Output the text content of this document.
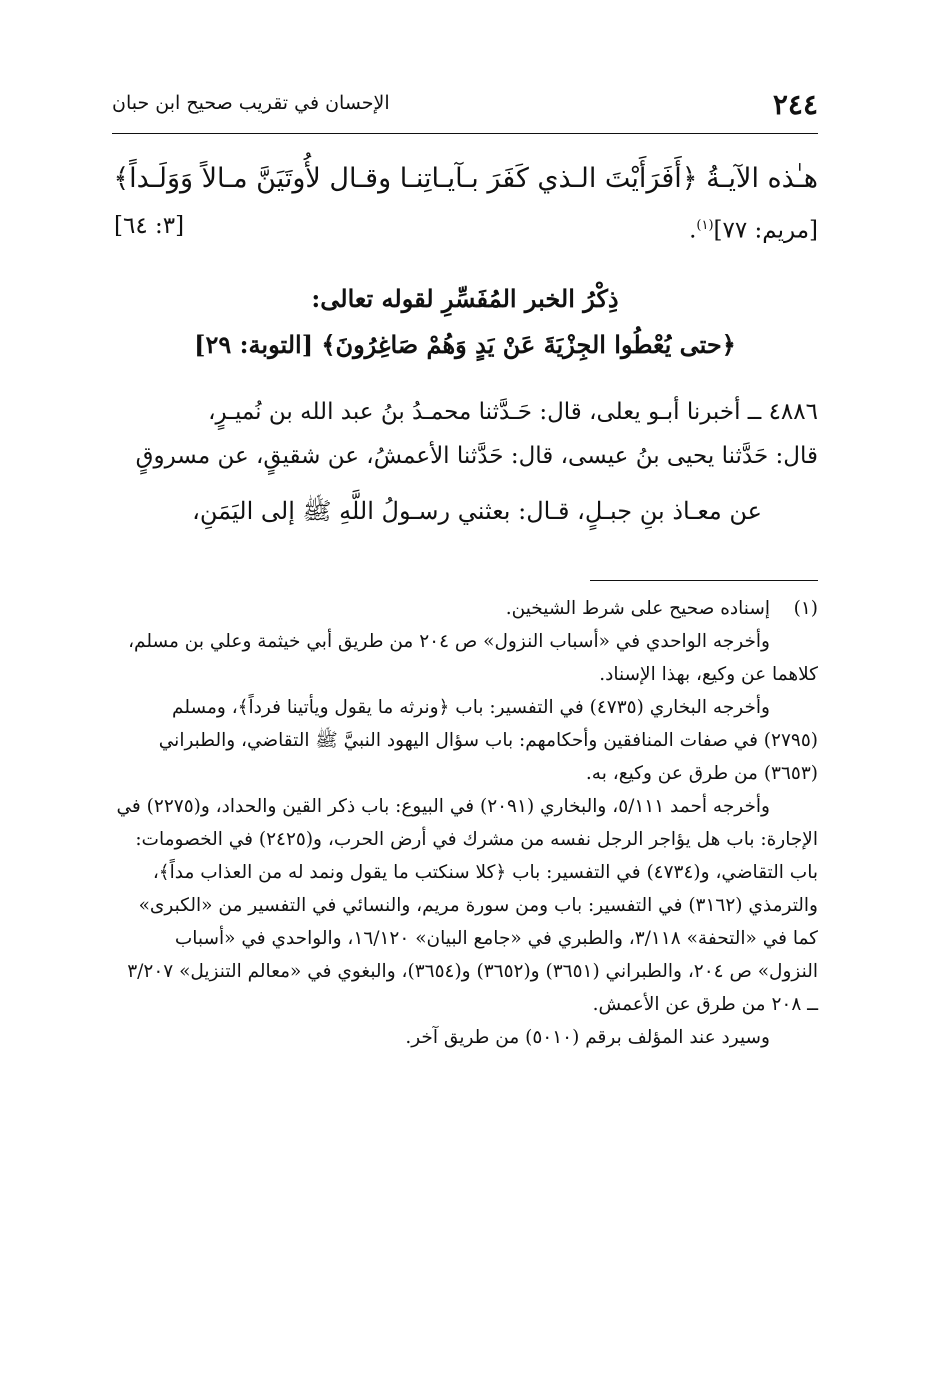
٢٤٤
الإحسان في تقريب صحيح ابن حبان
هـٰذه الآيـةُ ﴿أَفَرَأَيْتَ الـذي كَفَرَ بـآيـاتِنـا وقـال لأُوتَيَنَّ مـالاً وَوَلَـداً﴾
[مريم: ٧٧]$^{(١)}$.
[٣: ٦٤]
ذِكْرُ الخبر المُفَسِّرِ لقوله تعالى:
﴿حتى يُعْطُوا الجِزْيَةَ عَنْ يَدٍ وَهُمْ صَاغِرُونَ﴾ [التوبة: ٢٩]
٤٨٨٦ ــ أخبرنا أبـو يعلى، قال: حَـدَّثنا محمـدُ بنُ عبد الله بن نُميـرٍ،
قال: حَدَّثنا يحيى بنُ عيسى، قال: حَدَّثنا الأعمشُ، عن شقيقٍ، عن مسروقٍ
عن معـاذ بنِ جبـلٍ، قـال: بعثني رسـولُ اللَّهِ ﷺ إلى اليَمَنِ،

(١)إسناده صحيح على شرط الشيخين.

وأخرجه الواحدي في «أسباب النزول» ص ٢٠٤ من طريق أبي خيثمة وعلي بن مسلم، كلاهما عن وكيع، بهذا الإسناد.

وأخرجه البخاري (٤٧٣٥) في التفسير: باب ﴿ونرثه ما يقول ويأتينا فرداً﴾، ومسلم (٢٧٩٥) في صفات المنافقين وأحكامهم: باب سؤال اليهود النبيَّ ﷺ التقاضي، والطبراني (٣٦٥٣) من طرق عن وكيع، به.

وأخرجه أحمد ٥/١١١، والبخاري (٢٠٩١) في البيوع: باب ذكر القين والحداد، و(٢٢٧٥) في الإجارة: باب هل يؤاجر الرجل نفسه من مشرك في أرض الحرب، و(٢٤٢٥) في الخصومات: باب التقاضي، و(٤٧٣٤) في التفسير: باب ﴿كلا سنكتب ما يقول ونمد له من العذاب مداً﴾، والترمذي (٣١٦٢) في التفسير: باب ومن سورة مريم، والنسائي في التفسير من «الكبرى» كما في «التحفة» ٣/١١٨، والطبري في «جامع البيان» ١٦/١٢٠، والواحدي في «أسباب النزول» ص ٢٠٤، والطبراني (٣٦٥١) و(٣٦٥٢) و(٣٦٥٤)، والبغوي في «معالم التنزيل» ٣/٢٠٧ ــ ٢٠٨ من طرق عن الأعمش.

وسيرد عند المؤلف برقم (٥٠١٠) من طريق آخر.
